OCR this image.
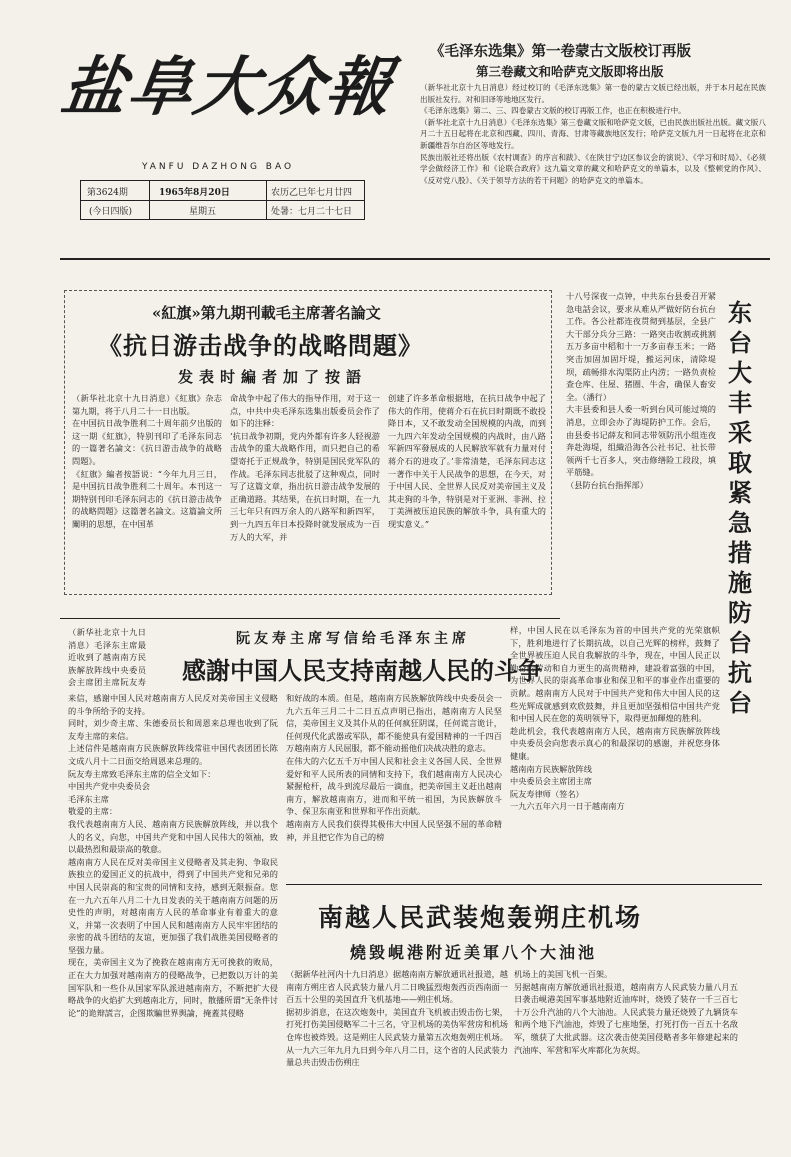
盐阜大众報
YANFU DAZHONG BAO
第3624期
(今日四版)
1965年8月20日
星期五
农历乙巳年七月廿四
处暑：七月二十七日
《毛泽东选集》第一卷蒙古文版校订再版
第三卷藏文和哈萨克文版即将出版
（新华社北京十九日消息）经过校订的《毛泽东选集》第一卷的蒙古文版已经出版，并于本月起在民族出版社发行。对和旧译等地地区发行。
《毛泽东选集》第二、三、四卷蒙古文版的校订再版工作，也正在积极进行中。
（新华社北京十九日消息）《毛泽东选集》第三卷藏文版和哈萨克文版，已由民族出版社出版。藏文版八月二十五日起将在北京和西藏、四川、青海、甘肃等藏族地区发行；哈萨克文版九月一日起将在北京和新疆维吾尔自治区等地发行。
民族出版社还将出版《农村调查》的序言和跋》、《在陕甘宁边区参议会的演说》、《学习和时局》、《必须学会做经济工作》和《论联合政府》这九篇文章的藏文和哈萨克文的单篇本，以及《整顿党的作风》、《反对党八股》、《关于领导方法的若干问题》的哈萨克文的单篇本。
«紅旗»第九期刊載毛主席著名論文
《抗日游击战争的战略問題》
发表时編者加了按語
（新华社北京十九日消息）《紅旗》杂志第九期，将于八月二十一日出版。
在中国抗日战争胜利二十周年前夕出版的这一期《紅旗》，特别刊印了毛泽东同志的一篇著名論文：《抗日游击战争的战略問題》。
《紅旗》編者按語说：“今年九月三日，是中国抗日战争胜利二十周年。本刊这一期特别刊印毛泽东同志的《抗日游击战争的战略問題》这篇著名論文。这篇論文所闡明的思想，在中国革
命战争中起了伟大的指导作用，对于这一点，中共中央毛泽东选集出版委员会作了如下的注释：
‘抗日战争初期，党内外都有许多人轻视游击战争的重大战略作用，而只把自己的希望寄托于正规战争，特别是国民党军队的作战。毛泽东同志批驳了这种观点，同时写了这篇文章，指出抗日游击战争发展的正确道路。其结果，在抗日时期，在一九三七年只有四万余人的八路军和新四军，到一九四五年日本投降时就发展成为一百万人的大军，并
创建了许多革命根据地，在抗日战争中起了伟大的作用，使蒋介石在抗日时期既不敢投降日本，又不敢发动全国规模的内战，而到一九四六年发动全国规模的内战时，由八路军新四军發展成的人民解放军就有力量对付蒋介石的进攻了。’非常清楚，毛泽东同志这一著作中关于人民战争的思想，在今天，对于中国人民、全世界人民反对美帝国主义及其走狗的斗争，特别是对于亚洲、非洲、拉丁美洲被压迫民族的解放斗争，具有重大的现实意义。”
十八号深夜一点钟，中共东台县委召开紧急电話会议，要求从难从严做好防台抗台工作。各公社都连夜贯彻到基层，全县广大干部分兵分三路：一路突击收割或挑割五万多亩中稻和十一万多亩春玉米；一路突击加固加固圩堤，搬运河床，清除堤坝，疏畅排水沟渠防止内涝；一路负责检查仓库、住屋、猪圈、牛舍，确保人畜安全。（潘行）
大丰县委和县人委一听到台风可能过境的消息，立即会办了海堤防护工作。会后，由县委书记薛友和同志带领防汛小组连夜奔赴海堤，组織沿海各公社书记、社长带领两千七百多人，突击修缮险工段段，填平筋缝。
（县防台抗台指挥部）
东台大丰采取紧急措施防台抗台
（新华社北京十九日消息）毛泽东主席最近收到了越南南方民族解放阵线中央委员会主席团主席阮友寿
阮友寿主席写信给毛泽东主席
感謝中国人民支持南越人民的斗争
来信，感谢中国人民对越南南方人民反对美帝国主义侵略的斗争所给予的支持。
同时，刘少奇主席、朱德委员长和周恩来总理也收到了阮友寿主席的来信。
上述信件是越南南方民族解放阵线常驻中国代表团团长陈文成八月十二日面交给周恩来总理的。
阮友寿主席致毛泽东主席的信全文如下：
中国共产党中央委员会
毛泽东主席
敬爱的主席：
我代表越南南方人民、越南南方民族解放阵线，并以我个人的名义，向您，中国共产党和中国人民伟大的领袖，致以最热烈和最崇高的敬意。
越南南方人民在反对美帝国主义侵略者及其走狗、争取民族独立的爱国正义的抗战中，得到了中国共产党和兄弟的中国人民崇高的和宝贵的同情和支持，感到无限振奋。您在一九六五年八月二十九日发表的关于越南南方问题的历史性的声明，对越南南方人民的革命事业有着重大的意义，并第一次表明了中国人民和越南南方人民牢牢团结的亲密的战斗团结的友谊，更加强了我们战胜美国侵略者的坚强力量。
现在，美帝国主义为了挽救在越南南方无可挽救的败局，正在大力加强对越南南方的侵略战争，已把数以万计的美国军队和一些仆从国家军队派进越南南方，不断把扩大侵略战争的火焰扩大到越南北方，同时，散播所谓“无条件讨论”的诡辩謊言，企图欺騙世界舆論，掩蓋其侵略
和好战的本质。但是，越南南方民族解放阵线中央委员会一九六五年三月二十二日五点声明已指出，越南南方人民坚信，美帝国主义及其仆从的任何疯狂阴谋，任何谎言诡计，任何现代化武器或军队，都不能使具有爱国精神的一千四百万越南南方人民屈服，都不能动摇他们决战决胜的意志。
在伟大的六亿五千万中国人民和社会主义各国人民、全世界爱好和平人民所表的同情和支持下，我们越南南方人民决心紧握枪杆，战斗到流尽最后一滴血，把美帝国主义赶出越南南方，解放越南南方，进而和平统一祖国，为民族解放斗争、保卫东南亚和世界和平作出贡献。
越南南方人民我们获得其极伟大中国人民坚强不屈的革命精神，并且把它作为自己的榜
样，中国人民在以毛泽东为首的中国共产党的光荣旗帜下，胜利地进行了长期抗战，以自己光辉的榜样，鼓舞了全世界被压迫人民自我解放的斗争，现在，中国人民正以勤奋的劳动和自力更生的高贵精神，建設着富强的中国，为世界人民的崇高革命事业和保卫和平的事业作出重要的贡献。越南南方人民对于中国共产党和伟大中国人民的这些光辉成就感到欢欣鼓舞，并且更加坚强相信中国共产党和中国人民在您的英明领导下，取得更加輝煌的胜利。
趁此机会，我代表越南南方人民，越南南方民族解放阵线中央委员会向您表示真心的和最深切的感谢，并祝您身体健康。
越南南方民族解放阵线
中央委员会主席团主席
阮友寿律师（签名）
一九六五年六月一日于越南南方
南越人民武装炮轰朔庄机场
燒毀峴港附近美軍八个大油池
（据新华社河内十九日消息）据越南南方解放通讯社报道，越南南方朔庄省人民武装力量八月二日晚猛烈炮轰西贡西南面一百五十公里的美国直升飞机基地——朔庄机场。
据初步消息，在这次炮轰中，美国直升飞机被击毁击伤七架，打死打伤美国侵略军二十三名，守卫机场的美伪军营房和机场仓库也被炸毁。这是朔庄人民武装力量第五次炮轰朔庄机场。从一九六三年九月九日到今年八月二日，这个省的人民武装力量总共击毁击伤朔庄
机场上的美国飞机一百架。
另据越南南方解放通讯社报道，越南南方人民武装力量八月五日袭击峴港美国军事基地附近油库时，烧毁了装存一千三百七十万公升汽油的八个大油池。人民武装力量还烧毁了九辆货车和两个地下汽油池，炸毁了七座地堡，打死打伤一百五十名敌军，缴获了大批武器。这次袭击使美国侵略者多年修建起来的汽油库、军营和军火库都化为灰烬。
